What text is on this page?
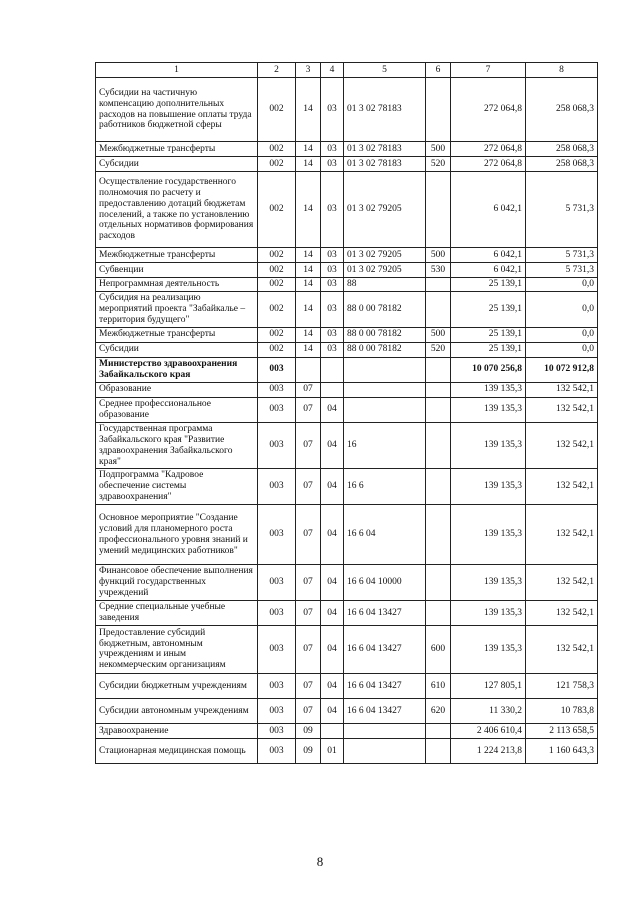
1	2	3	4	5	6	7	8
Субсидии на частичную компенсацию дополнительных расходов на повышение оплаты труда работников бюджетной сферы	002	14	03	01 3 02 78183		272 064,8	258 068,3
Межбюджетные трансферты	002	14	03	01 3 02 78183	500	272 064,8	258 068,3
Субсидии	002	14	03	01 3 02 78183	520	272 064,8	258 068,3
Осуществление государственного полномочия по расчету и предоставлению дотаций бюджетам поселений, а также по установлению отдельных нормативов формирования расходов	002	14	03	01 3 02 79205		6 042,1	5 731,3
Межбюджетные трансферты	002	14	03	01 3 02 79205	500	6 042,1	5 731,3
Субвенции	002	14	03	01 3 02 79205	530	6 042,1	5 731,3
Непрограммная деятельность	002	14	03	88		25 139,1	0,0
Субсидия на реализацию мероприятий проекта "Забайкалье – территория будущего"	002	14	03	88 0 00 78182		25 139,1	0,0
Межбюджетные трансферты	002	14	03	88 0 00 78182	500	25 139,1	0,0
Субсидии	002	14	03	88 0 00 78182	520	25 139,1	0,0
Министерство здравоохранения Забайкальского края	003					10 070 256,8	10 072 912,8
Образование	003	07				139 135,3	132 542,1
Среднее профессиональное образование	003	07	04			139 135,3	132 542,1
Государственная программа Забайкальского края "Развитие здравоохранения Забайкальского края"	003	07	04	16		139 135,3	132 542,1
Подпрограмма "Кадровое обеспечение системы здравоохранения"	003	07	04	16 6		139 135,3	132 542,1
Основное мероприятие "Создание условий для планомерного роста профессионального уровня знаний и умений медицинских работников"	003	07	04	16 6 04		139 135,3	132 542,1
Финансовое обеспечение выполнения функций государственных учреждений	003	07	04	16 6 04 10000		139 135,3	132 542,1
Средние специальные учебные заведения	003	07	04	16 6 04 13427		139 135,3	132 542,1
Предоставление субсидий бюджетным, автономным учреждениям и иным некоммерческим организациям	003	07	04	16 6 04 13427	600	139 135,3	132 542,1
Субсидии бюджетным учреждениям	003	07	04	16 6 04 13427	610	127 805,1	121 758,3
Субсидии автономным учреждениям	003	07	04	16 6 04 13427	620	11 330,2	10 783,8
Здравоохранение	003	09				2 406 610,4	2 113 658,5
Стационарная медицинская помощь	003	09	01			1 224 213,8	1 160 643,3
8
